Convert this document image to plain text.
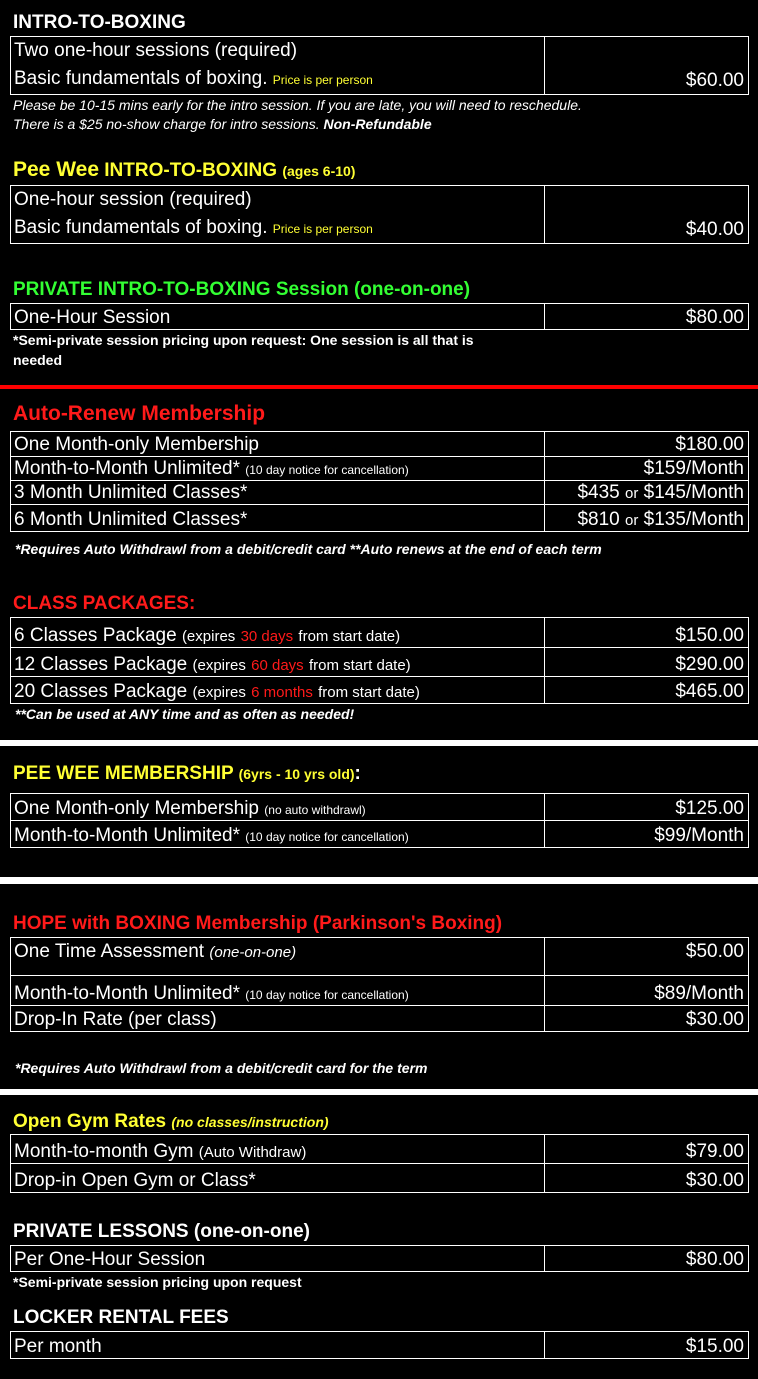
INTRO-TO-BOXING
Two one-hour sessions (required)
Basic fundamentals of boxing. Price is per person	$60.00
Please be 10-15 mins early for the intro session. If you are late, you will need to reschedule.
There is a $25 no-show charge for intro sessions. Non-Refundable
Pee Wee INTRO-TO-BOXING (ages 6-10)
One-hour session (required)
Basic fundamentals of boxing. Price is per person	$40.00
PRIVATE INTRO-TO-BOXING Session (one-on-one)
One-Hour Session	$80.00
*Semi-private session pricing upon request: One session is all that is needed
Auto-Renew Membership
One Month-only Membership	$180.00
Month-to-Month Unlimited* (10 day notice for cancellation)	$159/Month
3 Month Unlimited Classes*	$435 or $145/Month
6 Month Unlimited Classes*	$810 or $135/Month
*Requires Auto Withdrawl from a debit/credit card **Auto renews at the end of each term
CLASS PACKAGES:
6 Classes Package (expires 30 days from start date)	$150.00
12 Classes Package (expires 60 days from start date)	$290.00
20 Classes Package (expires 6 months from start date)	$465.00
**Can be used at ANY time and as often as needed!
PEE WEE MEMBERSHIP (6yrs - 10 yrs old):
One Month-only Membership (no auto withdrawl)	$125.00
Month-to-Month Unlimited* (10 day notice for cancellation)	$99/Month
HOPE with BOXING Membership (Parkinson's Boxing)
One Time Assessment (one-on-one)	$50.00
Month-to-Month Unlimited* (10 day notice for cancellation)	$89/Month
Drop-In Rate (per class)	$30.00
*Requires Auto Withdrawl from a debit/credit card for the term
Open Gym Rates (no classes/instruction)
Month-to-month Gym (Auto Withdraw)	$79.00
Drop-in Open Gym or Class*	$30.00
PRIVATE LESSONS (one-on-one)
Per One-Hour Session	$80.00
*Semi-private session pricing upon request
LOCKER RENTAL FEES
Per month	$15.00
